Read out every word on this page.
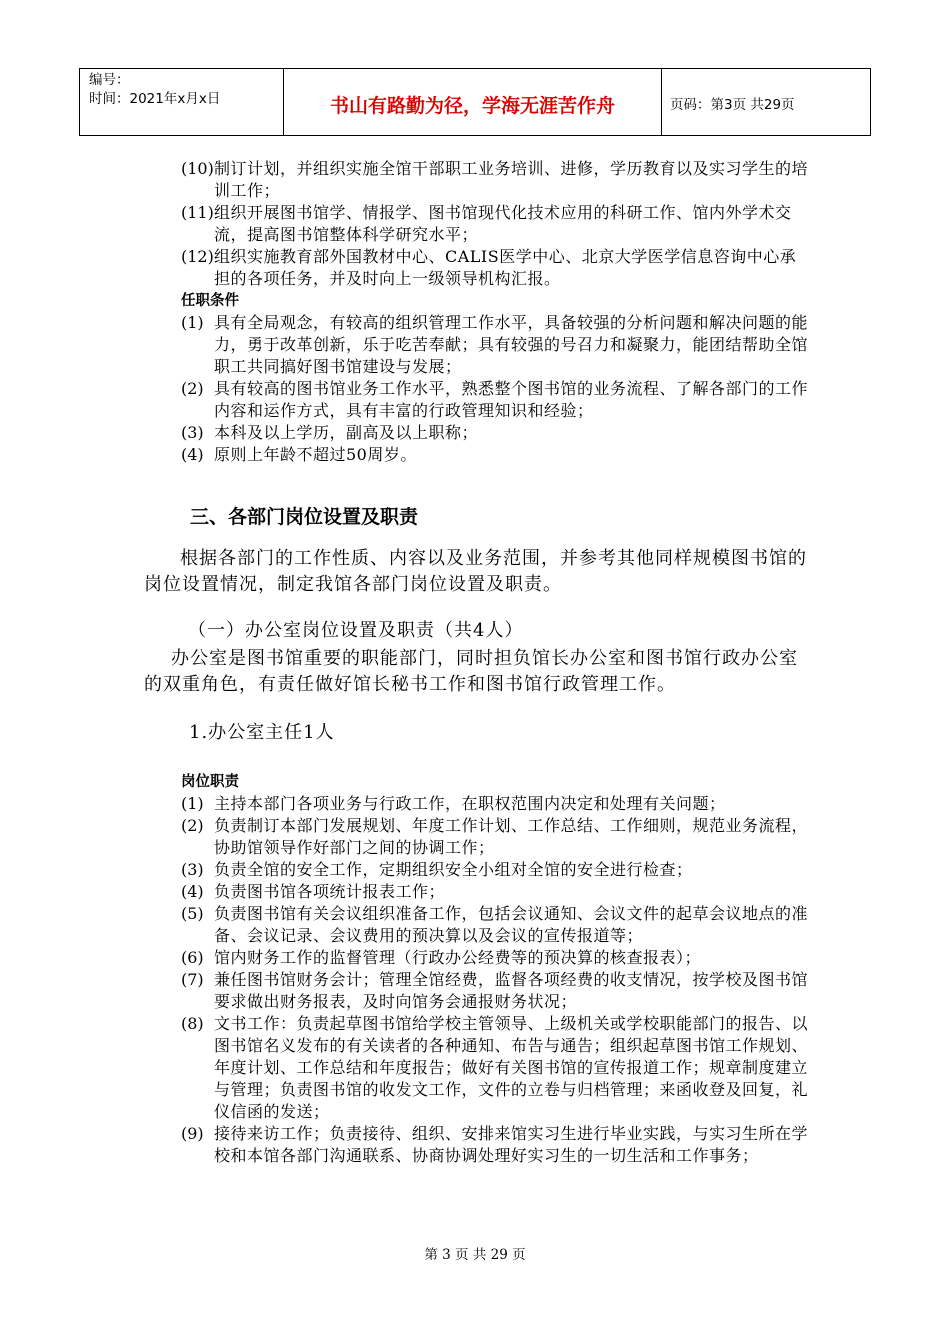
编号：
时间：2021年x月x日	书山有路勤为径，学海无涯苦作舟	页码：第3页 共29页
(10) 制订计划，并组织实施全馆干部职工业务培训、进修，学历教育以及实习学生的培训工作；
(11) 组织开展图书馆学、情报学、图书馆现代化技术应用的科研工作、馆内外学术交流，提高图书馆整体科学研究水平；
(12) 组织实施教育部外国教材中心、CALIS医学中心、北京大学医学信息咨询中心承担的各项任务，并及时向上一级领导机构汇报。
任职条件
(1) 具有全局观念，有较高的组织管理工作水平，具备较强的分析问题和解决问题的能力，勇于改革创新，乐于吃苦奉献；具有较强的号召力和凝聚力，能团结帮助全馆职工共同搞好图书馆建设与发展；
(2) 具有较高的图书馆业务工作水平，熟悉整个图书馆的业务流程、了解各部门的工作内容和运作方式，具有丰富的行政管理知识和经验；
(3) 本科及以上学历，副高及以上职称；
(4) 原则上年龄不超过50周岁。
三、各部门岗位设置及职责
根据各部门的工作性质、内容以及业务范围，并参考其他同样规模图书馆的岗位设置情况，制定我馆各部门岗位设置及职责。
（一）办公室岗位设置及职责（共4人）
办公室是图书馆重要的职能部门，同时担负馆长办公室和图书馆行政办公室的双重角色，有责任做好馆长秘书工作和图书馆行政管理工作。
1.办公室主任1人
岗位职责
(1) 主持本部门各项业务与行政工作，在职权范围内决定和处理有关问题；
(2) 负责制订本部门发展规划、年度工作计划、工作总结、工作细则，规范业务流程，协助馆领导作好部门之间的协调工作；
(3) 负责全馆的安全工作，定期组织安全小组对全馆的安全进行检查；
(4) 负责图书馆各项统计报表工作；
(5) 负责图书馆有关会议组织准备工作，包括会议通知、会议文件的起草会议地点的准备、会议记录、会议费用的预决算以及会议的宣传报道等；
(6) 馆内财务工作的监督管理（行政办公经费等的预决算的核查报表）；
(7) 兼任图书馆财务会计；管理全馆经费，监督各项经费的收支情况，按学校及图书馆要求做出财务报表，及时向馆务会通报财务状况；
(8) 文书工作：负责起草图书馆给学校主管领导、上级机关或学校职能部门的报告、以图书馆名义发布的有关读者的各种通知、布告与通告；组织起草图书馆工作规划、年度计划、工作总结和年度报告；做好有关图书馆的宣传报道工作；规章制度建立与管理；负责图书馆的收发文工作，文件的立卷与归档管理；来函收登及回复，礼仪信函的发送；
(9) 接待来访工作；负责接待、组织、安排来馆实习生进行毕业实践，与实习生所在学校和本馆各部门沟通联系、协商协调处理好实习生的一切生活和工作事务；
第 3 页 共 29 页
